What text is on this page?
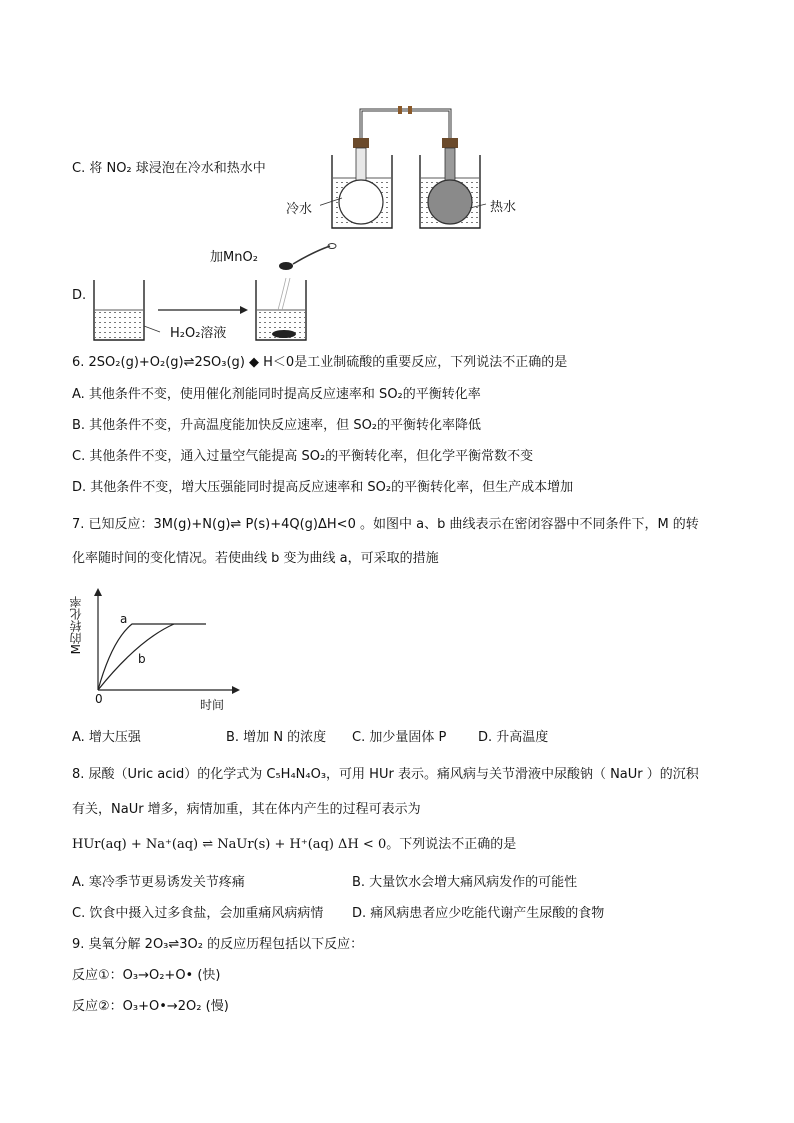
C. 将 NO₂ 球浸泡在冷水和热水中
冷水	热水
加MnO₂
D.
H₂O₂溶液
6. 2SO₂(g)+O₂(g)⇌2SO₃(g) ◆ H＜0是工业制硫酸的重要反应，下列说法不正确的是
A. 其他条件不变，使用催化剂能同时提高反应速率和 SO₂的平衡转化率
B. 其他条件不变，升高温度能加快反应速率，但 SO₂的平衡转化率降低
C. 其他条件不变，通入过量空气能提高 SO₂的平衡转化率，但化学平衡常数不变
D. 其他条件不变，增大压强能同时提高反应速率和 SO₂的平衡转化率，但生产成本增加
7. 已知反应：3M(g)+N(g)⇌ P(s)+4Q(g)ΔH<0 。如图中 a、b 曲线表示在密闭容器中不同条件下，M 的转
化率随时间的变化情况。若使曲线 b 变为曲线 a，可采取的措施
M的转化率	a
b
0	时间
A. 增大压强	B. 增加 N 的浓度 C. 加少量固体 P D. 升高温度
8. 尿酸（Uric acid）的化学式为 C₅H₄N₄O₃，可用 HUr 表示。痛风病与关节滑液中尿酸钠（ NaUr ）的沉积
有关，NaUr 增多，病情加重，其在体内产生的过程可表示为
HUr(aq) + Na⁺(aq) ⇌ NaUr(s) + H⁺(aq) ΔH < 0。下列说法不正确的是
A. 寒冷季节更易诱发关节疼痛	B. 大量饮水会增大痛风病发作的可能性
C. 饮食中摄入过多食盐，会加重痛风病病情 D. 痛风病患者应少吃能代谢产生尿酸的食物
9. 臭氧分解 2O₃⇌3O₂ 的反应历程包括以下反应：
反应①：O₃→O₂+O• (快)
反应②：O₃+O•→2O₂ (慢)
